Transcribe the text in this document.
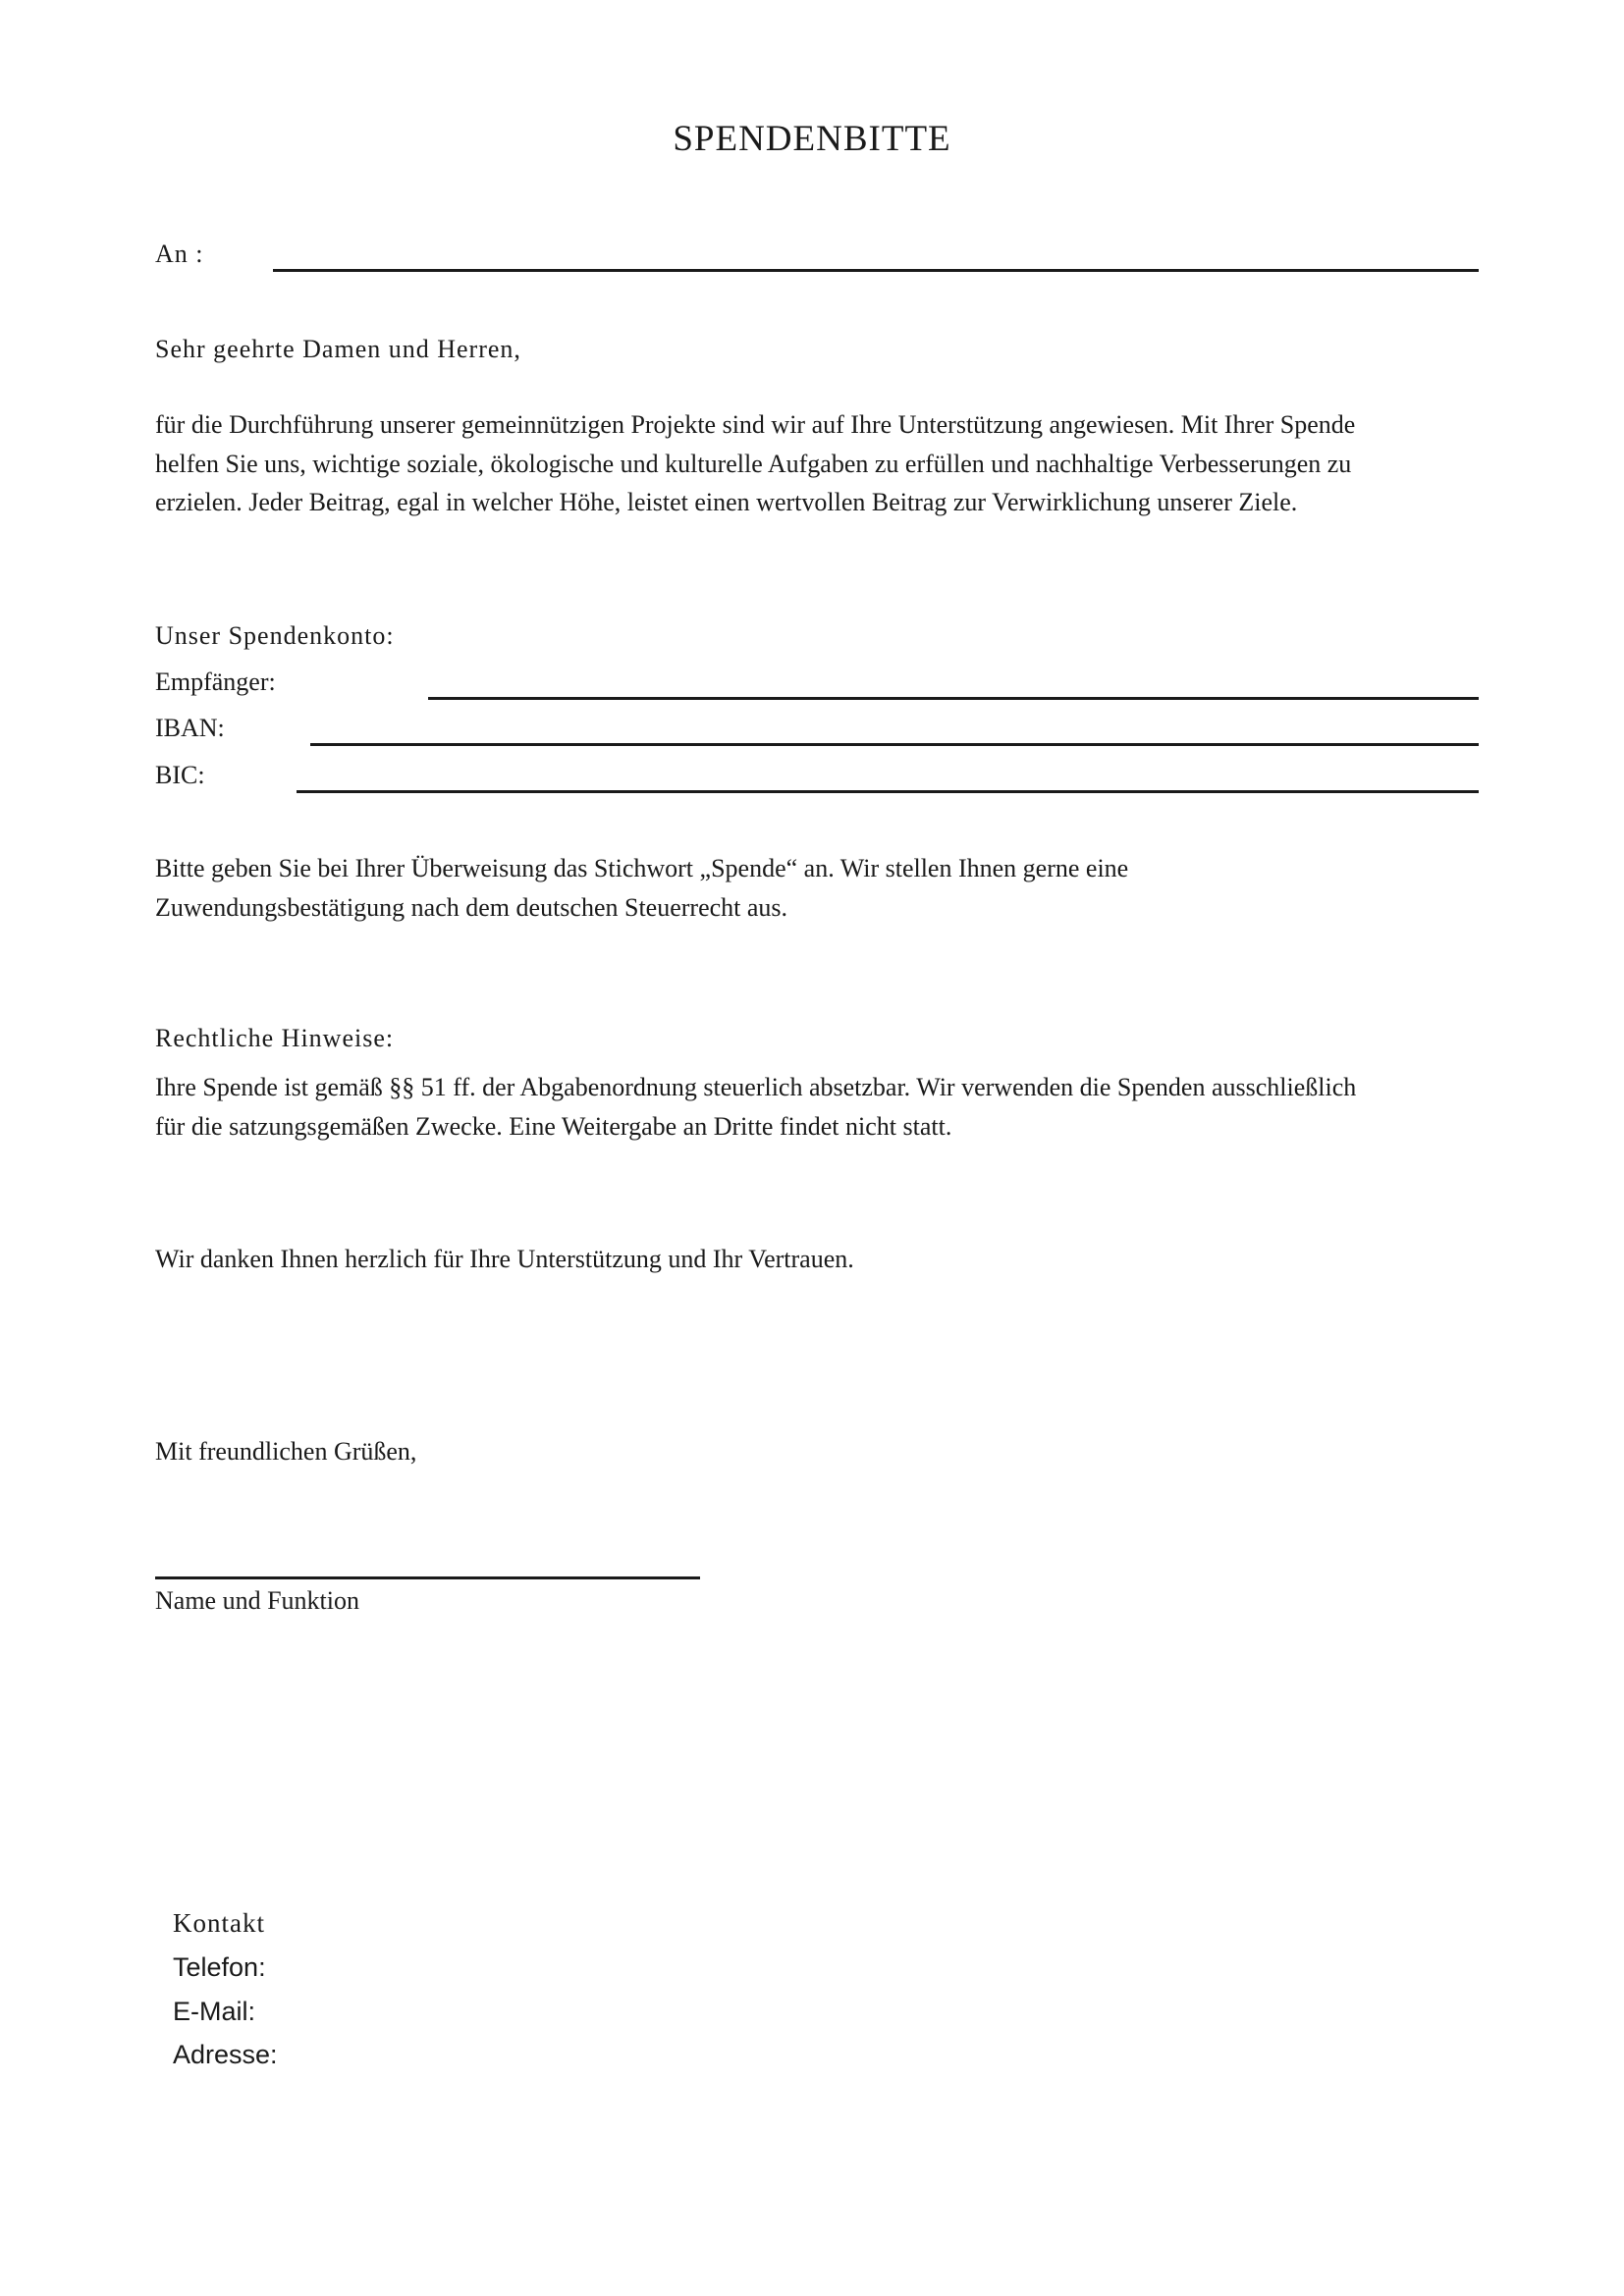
SPENDENBITTE
An :
Sehr geehrte Damen und Herren,

für die Durchführung unserer gemeinnützigen Projekte sind wir auf Ihre Unterstützung angewiesen. Mit Ihrer Spende

helfen Sie uns, wichtige soziale, ökologische und kulturelle Aufgaben zu erfüllen und nachhaltige Verbesserungen zu

erzielen. Jeder Beitrag, egal in welcher Höhe, leistet einen wertvollen Beitrag zur Verwirklichung unserer Ziele.

Unser Spendenkonto:
Empfänger:
IBAN:
BIC:

Bitte geben Sie bei Ihrer Überweisung das Stichwort „Spende“ an. Wir stellen Ihnen gerne eine

Zuwendungsbestätigung nach dem deutschen Steuerrecht aus.

Rechtliche Hinweise:

Ihre Spende ist gemäß §§ 51 ff. der Abgabenordnung steuerlich absetzbar. Wir verwenden die Spenden ausschließlich

für die satzungsgemäßen Zwecke. Eine Weitergabe an Dritte findet nicht statt.

Wir danken Ihnen herzlich für Ihre Unterstützung und Ihr Vertrauen.
Mit freundlichen Grüßen,
Name und Funktion
Kontakt
Telefon:
E-Mail:
Adresse:
